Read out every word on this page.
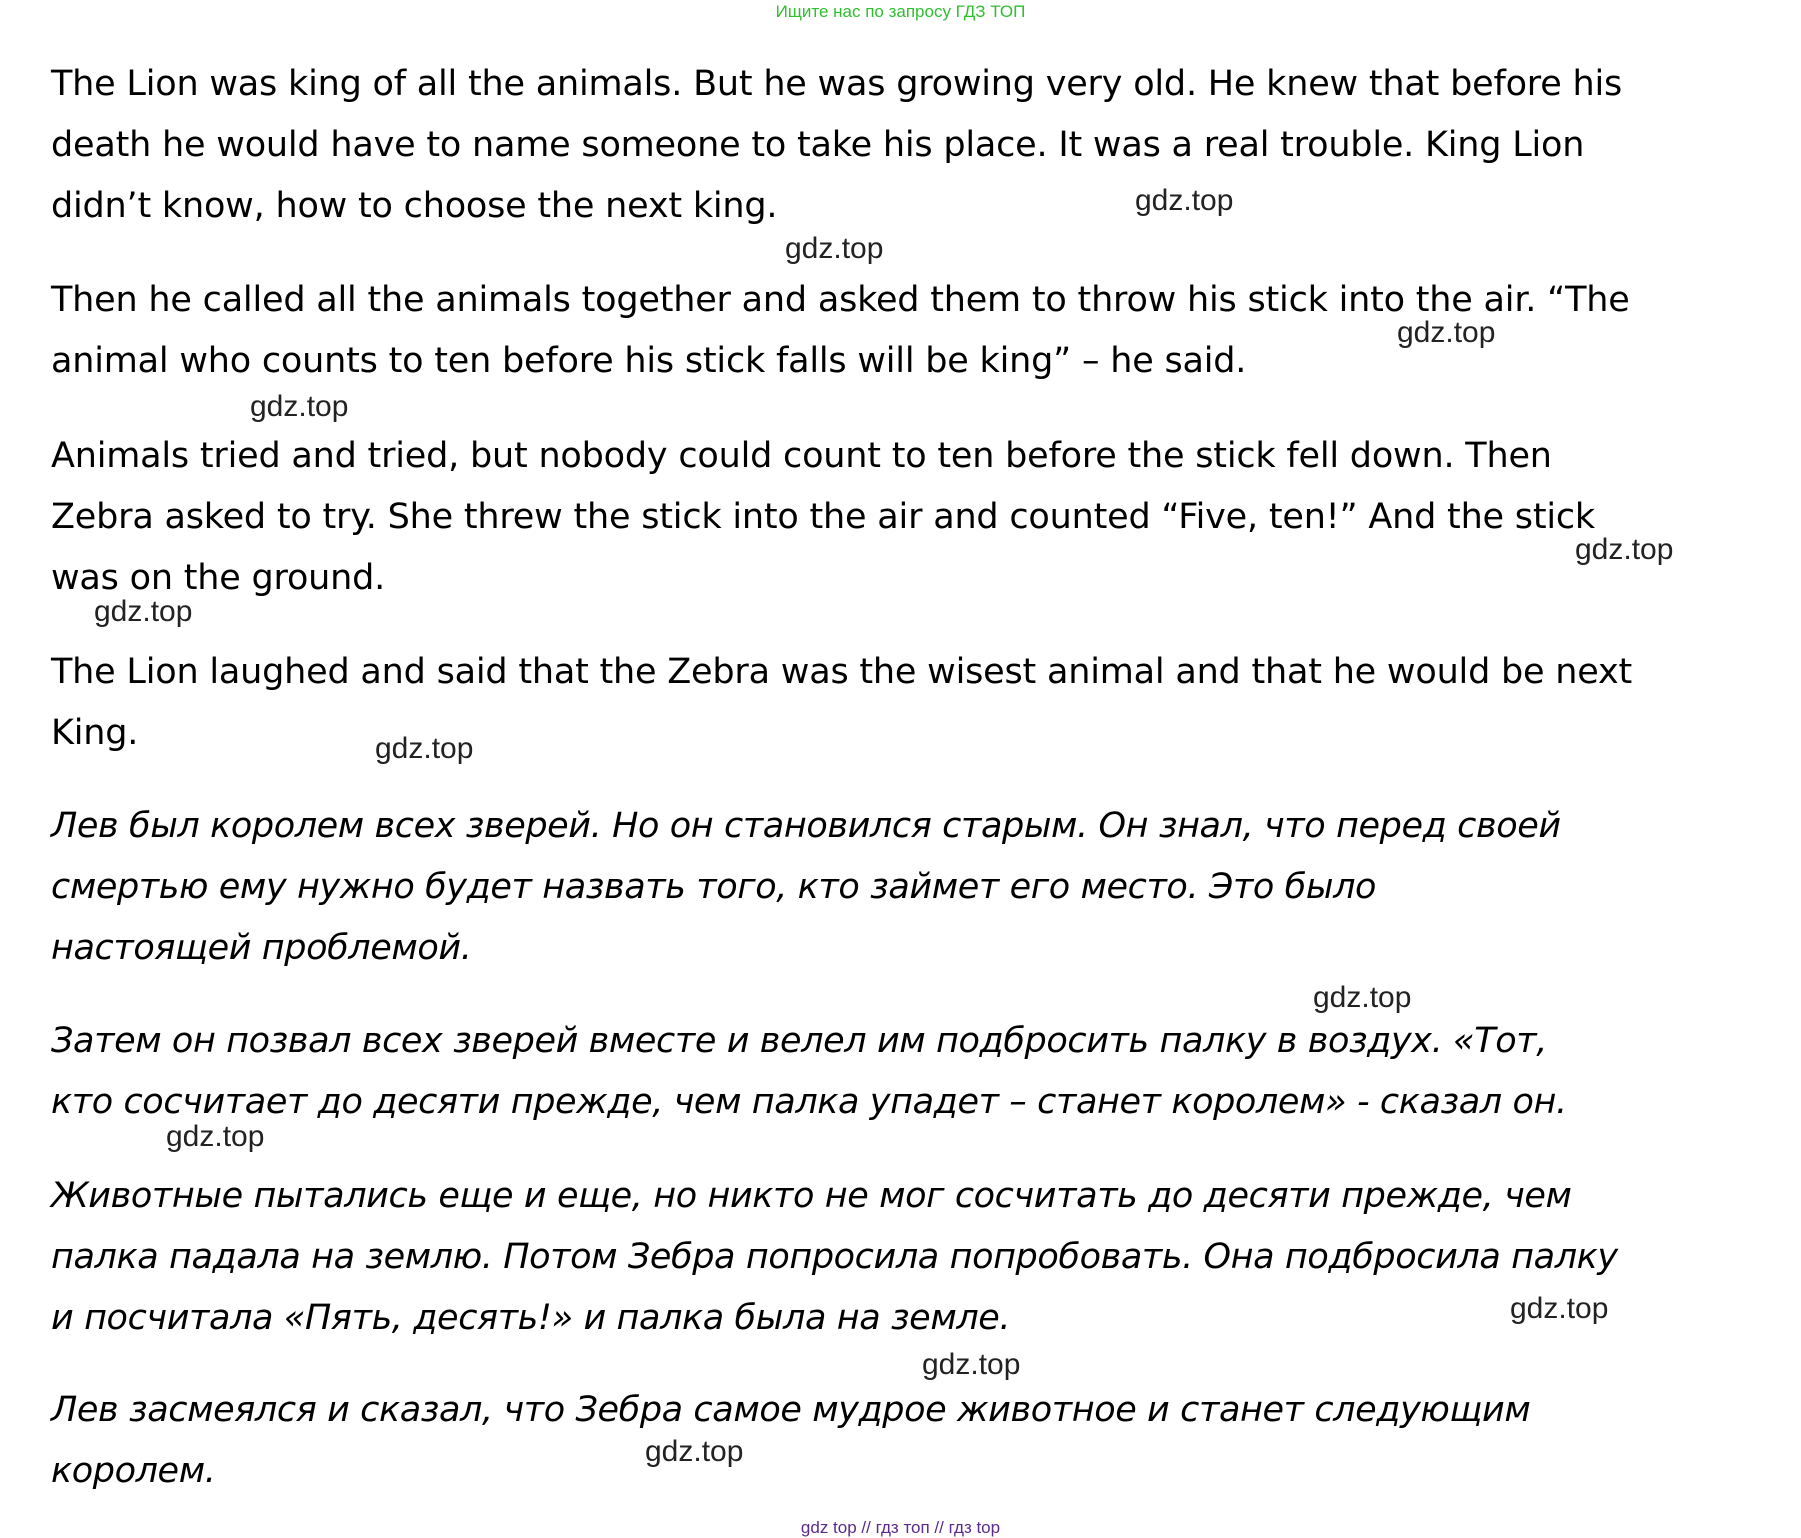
Ищите нас по запросу ГДЗ ТОП

The Lion was king of all the animals. But he was growing very old. He knew that before his
death he would have to name someone to take his place. It was a real trouble. King Lion
didn’t know, how to choose the next king.

Then he called all the animals together and asked them to throw his stick into the air. “The
animal who counts to ten before his stick falls will be king” – he said.

Animals tried and tried, but nobody could count to ten before the stick fell down. Then
Zebra asked to try. She threw the stick into the air and counted “Five, ten!” And the stick
was on the ground.

The Lion laughed and said that the Zebra was the wisest animal and that he would be next
King.

Лев был королем всех зверей. Но он становился старым. Он знал, что перед своей
смертью ему нужно будет назвать того, кто займет его место. Это было
настоящей проблемой.

Затем он позвал всех зверей вместе и велел им подбросить палку в воздух. «Тот,
кто сосчитает до десяти прежде, чем палка упадет – станет королем» - сказал он.

Животные пытались еще и еще, но никто не мог сосчитать до десяти прежде, чем
палка падала на землю. Потом Зебра попросила попробовать. Она подбросила палку
и посчитала «Пять, десять!» и палка была на земле.

Лев засмеялся и сказал, что Зебра самое мудрое животное и станет следующим
королем.

gdz.top
gdz.top
gdz.top
gdz.top
gdz.top
gdz.top
gdz.top
gdz.top
gdz.top
gdz.top
gdz.top
gdz.top
gdz top // гдз топ // гдз top
